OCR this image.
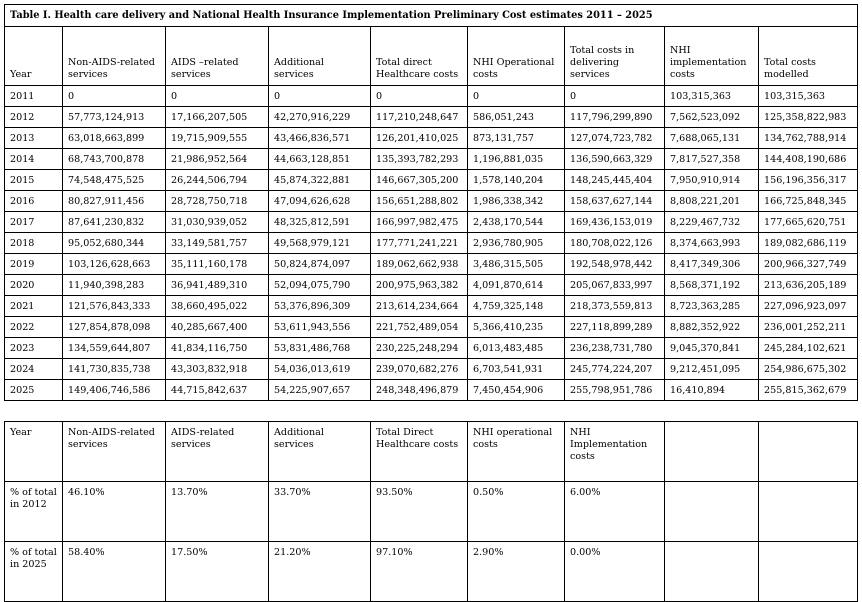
Table I. Health care delivery and National Health Insurance Implementation Preliminary Cost estimates 2011 – 2025								
Year	Non-AIDS-related services	AIDS –related services	Additional services	Total direct Healthcare costs	NHI Operational costs	Total costs in delivering services	NHI implementation costs	Total costs modelled
2011	0	0	0	0	0	0	103,315,363	103,315,363
2012	57,773,124,913	17,166,207,505	42,270,916,229	117,210,248,647	586,051,243	117,796,299,890	7,562,523,092	125,358,822,983
2013	63,018,663,899	19,715,909,555	43,466,836,571	126,201,410,025	873,131,757	127,074,723,782	7,688,065,131	134,762,788,914
2014	68,743,700,878	21,986,952,564	44,663,128,851	135,393,782,293	1,196,881,035	136,590,663,329	7,817,527,358	144,408,190,686
2015	74,548,475,525	26,244,506,794	45,874,322,881	146,667,305,200	1,578,140,204	148,245,445,404	7,950,910,914	156,196,356,317
2016	80,827,911,456	28,728,750,718	47,094,626,628	156,651,288,802	1,986,338,342	158,637,627,144	8,808,221,201	166,725,848,345
2017	87,641,230,832	31,030,939,052	48,325,812,591	166,997,982,475	2,438,170,544	169,436,153,019	8,229,467,732	177,665,620,751
2018	95,052,680,344	33,149,581,757	49,568,979,121	177,771,241,221	2,936,780,905	180,708,022,126	8,374,663,993	189,082,686,119
2019	103,126,628,663	35,111,160,178	50,824,874,097	189,062,662,938	3,486,315,505	192,548,978,442	8,417,349,306	200,966,327,749
2020	11,940,398,283	36,941,489,310	52,094,075,790	200,975,963,382	4,091,870,614	205,067,833,997	8,568,371,192	213,636,205,189
2021	121,576,843,333	38,660,495,022	53,376,896,309	213,614,234,664	4,759,325,148	218,373,559,813	8,723,363,285	227,096,923,097
2022	127,854,878,098	40,285,667,400	53,611,943,556	221,752,489,054	5,366,410,235	227,118,899,289	8,882,352,922	236,001,252,211
2023	134,559,644,807	41,834,116,750	53,831,486,768	230,225,248,294	6,013,483,485	236,238,731,780	9,045,370,841	245,284,102,621
2024	141,730,835,738	43,303,832,918	54,036,013,619	239,070,682,276	6,703,541,931	245,774,224,207	9,212,451,095	254,986,675,302
2025	149,406,746,586	44,715,842,637	54,225,907,657	248,348,496,879	7,450,454,906	255,798,951,786	16,410,894	255,815,362,679
Year	Non-AIDS-related services	AIDS-related services	Additional services	Total Direct Healthcare costs	NHI operational costs	NHI Implementation costs		
% of total in 2012	46.10%	13.70%	33.70%	93.50%	0.50%	6.00%		
% of total in 2025	58.40%	17.50%	21.20%	97.10%	2.90%	0.00%		
